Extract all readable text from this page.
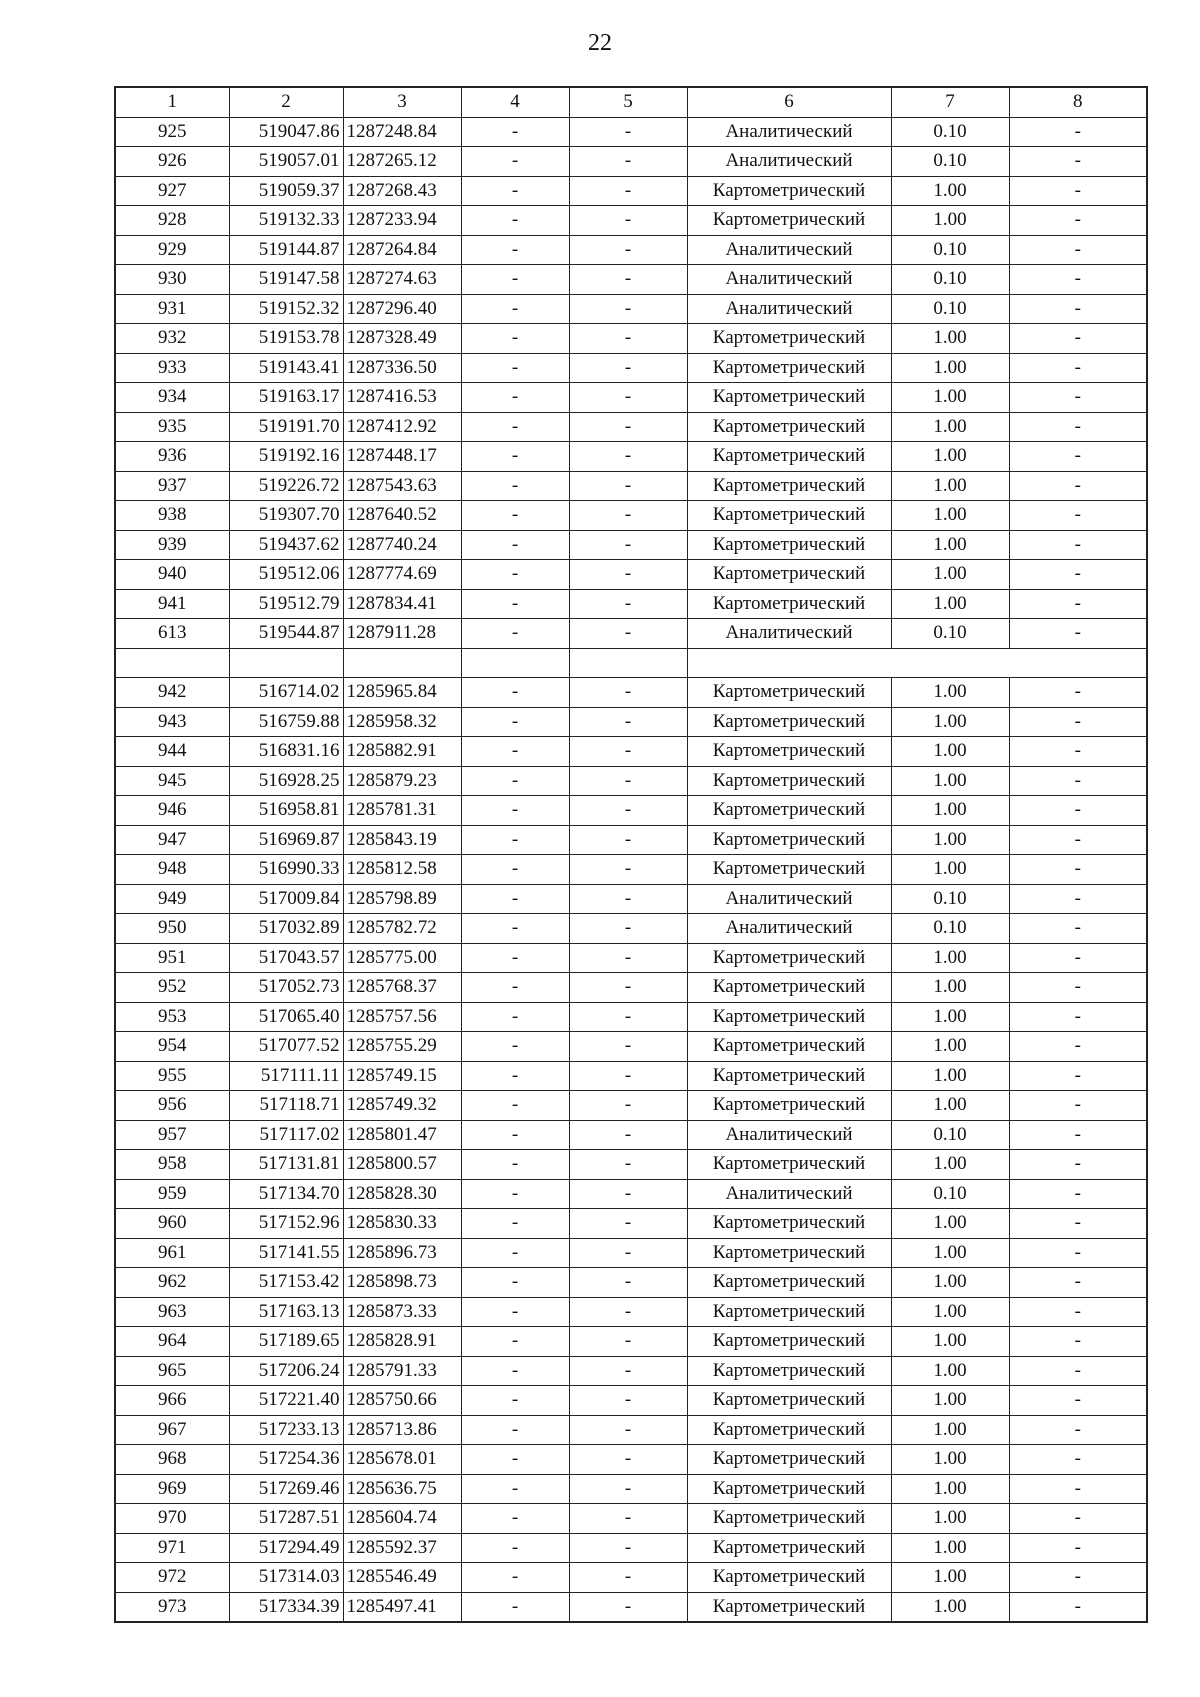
22
1	2	3	4	5	6	7	8
925	519047.86	1287248.84	-	-	Аналитический	0.10	-
926	519057.01	1287265.12	-	-	Аналитический	0.10	-
927	519059.37	1287268.43	-	-	Картометрический	1.00	-
928	519132.33	1287233.94	-	-	Картометрический	1.00	-
929	519144.87	1287264.84	-	-	Аналитический	0.10	-
930	519147.58	1287274.63	-	-	Аналитический	0.10	-
931	519152.32	1287296.40	-	-	Аналитический	0.10	-
932	519153.78	1287328.49	-	-	Картометрический	1.00	-
933	519143.41	1287336.50	-	-	Картометрический	1.00	-
934	519163.17	1287416.53	-	-	Картометрический	1.00	-
935	519191.70	1287412.92	-	-	Картометрический	1.00	-
936	519192.16	1287448.17	-	-	Картометрический	1.00	-
937	519226.72	1287543.63	-	-	Картометрический	1.00	-
938	519307.70	1287640.52	-	-	Картометрический	1.00	-
939	519437.62	1287740.24	-	-	Картометрический	1.00	-
940	519512.06	1287774.69	-	-	Картометрический	1.00	-
941	519512.79	1287834.41	-	-	Картометрический	1.00	-
613	519544.87	1287911.28	-	-	Аналитический	0.10	-

942	516714.02	1285965.84	-	-	Картометрический	1.00	-
943	516759.88	1285958.32	-	-	Картометрический	1.00	-
944	516831.16	1285882.91	-	-	Картометрический	1.00	-
945	516928.25	1285879.23	-	-	Картометрический	1.00	-
946	516958.81	1285781.31	-	-	Картометрический	1.00	-
947	516969.87	1285843.19	-	-	Картометрический	1.00	-
948	516990.33	1285812.58	-	-	Картометрический	1.00	-
949	517009.84	1285798.89	-	-	Аналитический	0.10	-
950	517032.89	1285782.72	-	-	Аналитический	0.10	-
951	517043.57	1285775.00	-	-	Картометрический	1.00	-
952	517052.73	1285768.37	-	-	Картометрический	1.00	-
953	517065.40	1285757.56	-	-	Картометрический	1.00	-
954	517077.52	1285755.29	-	-	Картометрический	1.00	-
955	517111.11	1285749.15	-	-	Картометрический	1.00	-
956	517118.71	1285749.32	-	-	Картометрический	1.00	-
957	517117.02	1285801.47	-	-	Аналитический	0.10	-
958	517131.81	1285800.57	-	-	Картометрический	1.00	-
959	517134.70	1285828.30	-	-	Аналитический	0.10	-
960	517152.96	1285830.33	-	-	Картометрический	1.00	-
961	517141.55	1285896.73	-	-	Картометрический	1.00	-
962	517153.42	1285898.73	-	-	Картометрический	1.00	-
963	517163.13	1285873.33	-	-	Картометрический	1.00	-
964	517189.65	1285828.91	-	-	Картометрический	1.00	-
965	517206.24	1285791.33	-	-	Картометрический	1.00	-
966	517221.40	1285750.66	-	-	Картометрический	1.00	-
967	517233.13	1285713.86	-	-	Картометрический	1.00	-
968	517254.36	1285678.01	-	-	Картометрический	1.00	-
969	517269.46	1285636.75	-	-	Картометрический	1.00	-
970	517287.51	1285604.74	-	-	Картометрический	1.00	-
971	517294.49	1285592.37	-	-	Картометрический	1.00	-
972	517314.03	1285546.49	-	-	Картометрический	1.00	-
973	517334.39	1285497.41	-	-	Картометрический	1.00	-
